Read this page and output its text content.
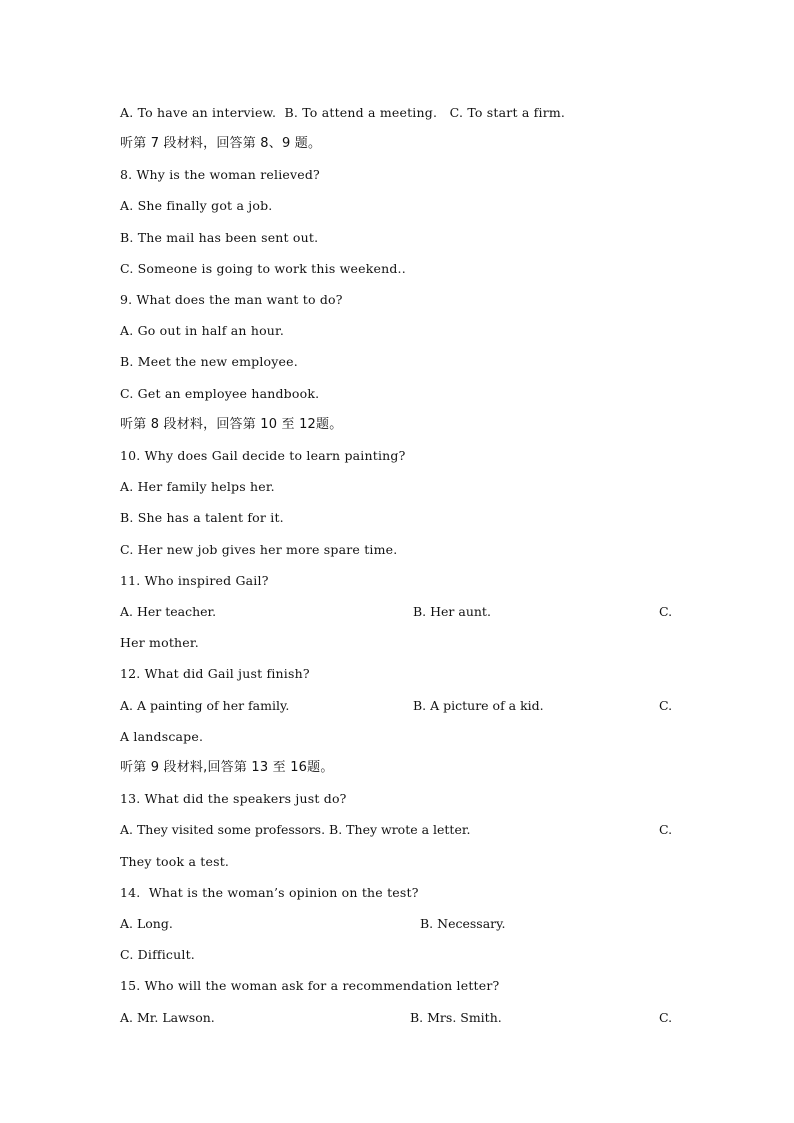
A. To have an interview.  B. To attend a meeting.   C. To start a firm.
听第 7 段材料，回答第 8、9 题。
8. Why is the woman relieved?
A. She finally got a job.
B. The mail has been sent out.
C. Someone is going to work this weekend..
9. What does the man want to do?
A. Go out in half an hour.
B. Meet the new employee.
C. Get an employee handbook.
听第 8 段材料，回答第 10 至 12题。
10. Why does Gail decide to learn painting?
A. Her family helps her.
B. She has a talent for it.
C. Her new job gives her more spare time.
11. Who inspired Gail?
A. Her teacher.	B. Her aunt.	C.
Her mother.
12. What did Gail just finish?
A. A painting of her family.	B. A picture of a kid.	C.
A landscape.
听第 9 段材料,回答第 13 至 16题。
13. What did the speakers just do?
A. They visited some professors. B. They wrote a letter.	C.
They took a test.
14.  What is the woman’s opinion on the test?
A. Long.	B. Necessary.
C. Difficult.
15. Who will the woman ask for a recommendation letter?
A. Mr. Lawson.	B. Mrs. Smith.	C.
